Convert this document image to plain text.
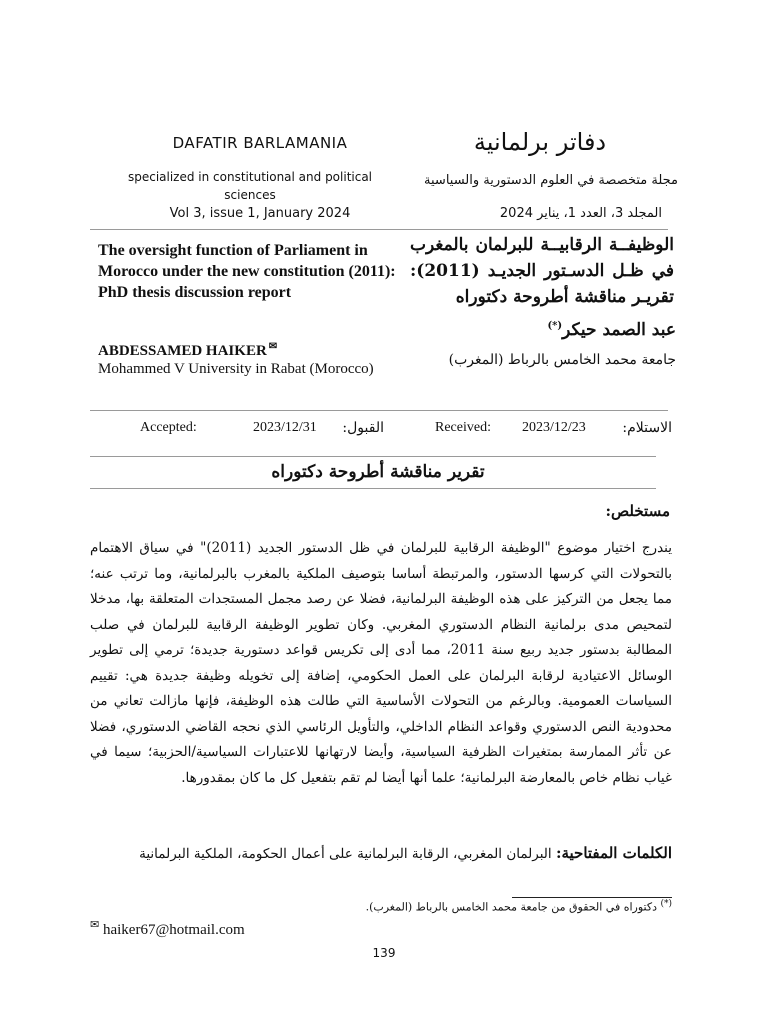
DAFATIR BARLAMANIA	دفاتر برلمانية
specialized in constitutional and political sciences
مجلة متخصصة في العلوم الدستورية والسياسية
Vol 3, issue 1, January 2024	المجلد 3، العدد 1، يناير 2024
The oversight function of Parliament in Morocco under the new constitution (2011): PhD thesis discussion report
الوظيفــة الرقابيــة للبرلمان بالمغرب في ظـل الدسـتور الجديـد (2011): تقريـر مناقشة أطروحة دكتوراه
عبد الصمد حيكر(*)
جامعة محمد الخامس بالرباط (المغرب)
ABDESSAMED HAIKER ✉
Mohammed V University in Rabat (Morocco)
الاستلام:
2023/12/23
Received:
القبول:
2023/12/31
Accepted:
تقرير مناقشة أطروحة دكتوراه
مستخلص:
يندرج اختيار موضوع "الوظيفة الرقابية للبرلمان في ظل الدستور الجديد (2011)" في سياق الاهتمام بالتحولات التي كرسها الدستور، والمرتبطة أساسا بتوصيف الملكية بالمغرب بالبرلمانية، وما ترتب عنه؛ مما يجعل من التركيز على هذه الوظيفة البرلمانية، فضلا عن رصد مجمل المستجدات المتعلقة بها، مدخلا لتمحيص مدى برلمانية النظام الدستوري المغربي. وكان تطوير الوظيفة الرقابية للبرلمان في صلب المطالبة بدستور جديد ربيع سنة 2011، مما أدى إلى تكريس قواعد دستورية جديدة؛ ترمي إلى تطوير الوسائل الاعتيادية لرقابة البرلمان على العمل الحكومي، إضافة إلى تخويله وظيفة جديدة هي: تقييم السياسات العمومية. وبالرغم من التحولات الأساسية التي طالت هذه الوظيفة، فإنها مازالت تعاني من محدودية النص الدستوري وقواعد النظام الداخلي، والتأويل الرئاسي الذي نحجه القاضي الدستوري، فضلا عن تأثر الممارسة بمتغيرات الظرفية السياسية، وأيضا لارتهانها للاعتبارات السياسية/الحزبية؛ سيما في غياب نظام خاص بالمعارضة البرلمانية؛ علما أنها أيضا لم تقم بتفعيل كل ما كان بمقدورها.
الكلمات المفتاحية: البرلمان المغربي، الرقابة البرلمانية على أعمال الحكومة، الملكية البرلمانية
(*) دكتوراه في الحقوق من جامعة محمد الخامس بالرباط (المغرب).
✉ haiker67@hotmail.com
139
